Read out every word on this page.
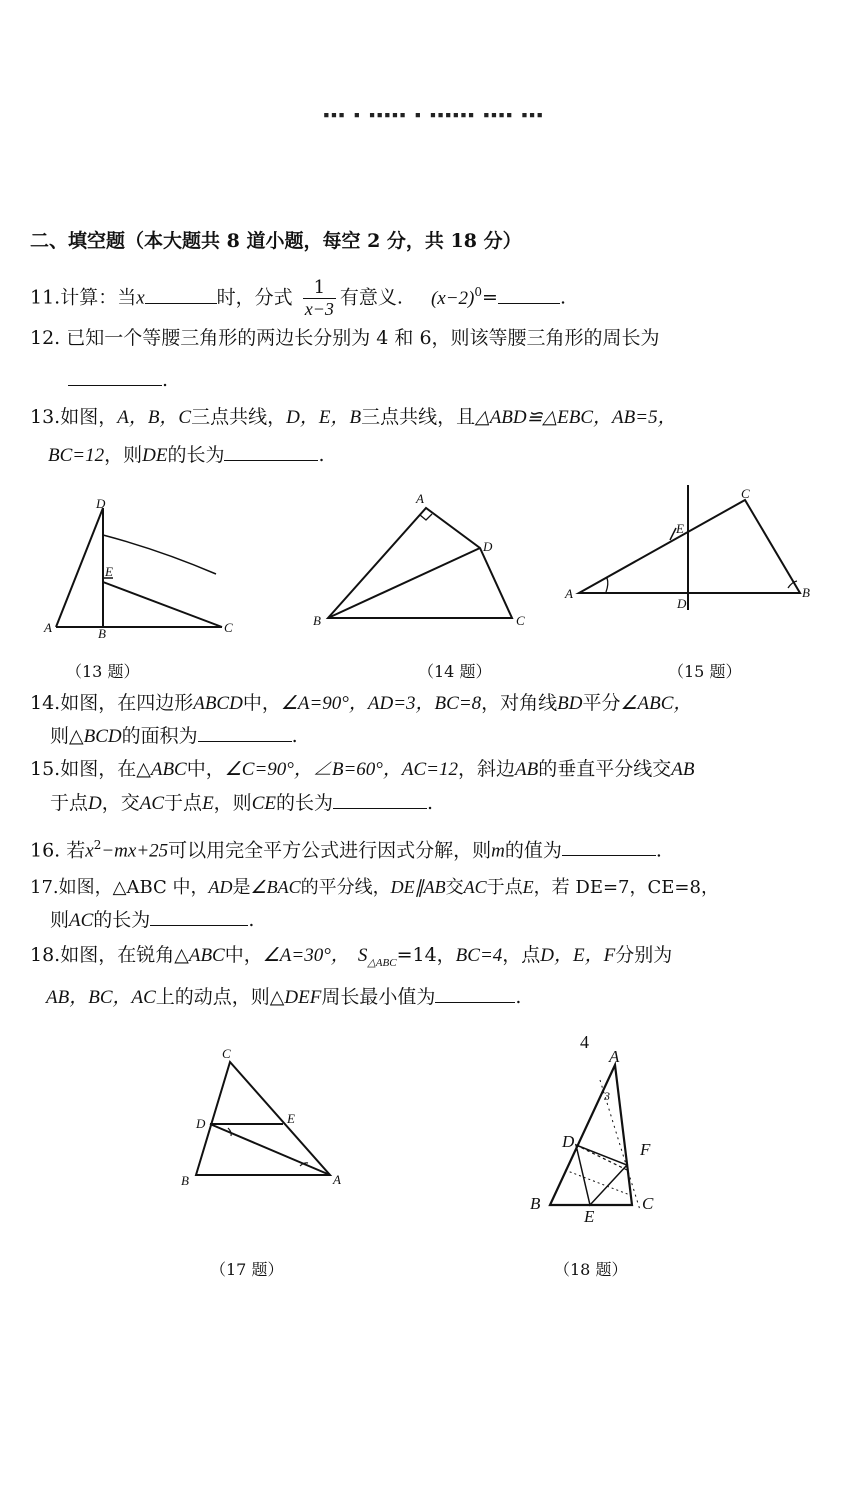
▪▪▪ ▪ ▪▪▪▪▪ ▪ ▪▪▪▪▪▪ ▪▪▪▪ ▪▪▪
二、填空题（本大题共 8 道小题，每空 2 分，共 18 分）
11.计算：当x	时，分式 $\frac{1}{x-3}$ 有意义. $(x-2)^0=$	.
12. 已知一个等腰三角形的两边长分别为 4 和 6，则该等腰三角形的周长为
.
13.如图，A，B，C三点共线，D，E，B三点共线，且△ABD≌△EBC，AB=5，
BC=12，则DE的长为	.
D
E
A	B	C
A
D
B	C
C
E
A
D
B
（13 题）	（14 题）	（15 题）
14.如图，在四边形ABCD中，∠A=90°，AD=3，BC=8，对角线BD平分∠ABC，
则△BCD的面积为	.
15.如图，在△ABC中，∠C=90°，∠B=60°，AC=12，斜边AB的垂直平分线交AB
于点D，交AC于点E，则CE的长为	.
16. 若$x^2-mx+25$可以用完全平方公式进行因式分解，则m的值为	.
17.如图，△ABC 中，AD是∠BAC的平分线，DE∥AB交AC于点E，若 DE=7，CE=8，
则AC的长为	.
18.如图，在锐角△ABC中，∠A=30°， $S_{\triangle ABC}=14$，BC=4，点D，E，F分别为
AB，BC，AC上的动点，则△DEF周长最小值为	.
C
D	E
B	A
4
A
3
D	F
B
E
C
（17 题）	（18 题）
